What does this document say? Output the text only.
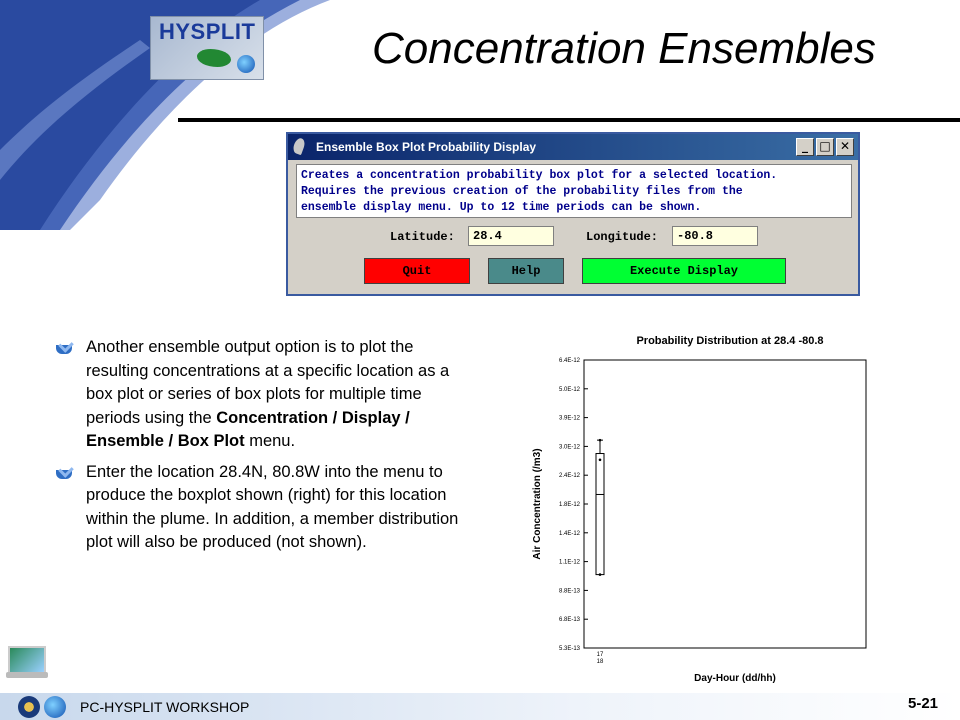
HYSPLIT	Concentration Ensembles
Ensemble Box Plot Probability Display	_ □ ✕
Creates a concentration probability box plot for a selected location.
Requires the previous creation of the probability files from the
ensemble display menu. Up to 12 time periods can be shown.
Latitude:	28.4	Longitude:	-80.8
Quit	Help	Execute Display
Another ensemble output option is to plot the resulting concentrations at a specific location as a box plot or series of box plots for multiple time periods using the Concentration / Display / Ensemble / Box Plot menu.
Enter the location 28.4N, 80.8W into the menu to produce the boxplot shown (right) for this location within the plume. In addition, a member distribution plot will also be produced (not shown).
Probability Distribution at 28.4 -80.8
6.4E-12
5.0E-12
3.9E-12
3.0E-12
2.4E-12
1.8E-12
1.4E-12
1.1E-12
8.8E-13
6.8E-13
5.3E-13
Air Concentration (/m3)
17
18
Day-Hour (dd/hh)
PC-HYSPLIT WORKSHOP	5-21
